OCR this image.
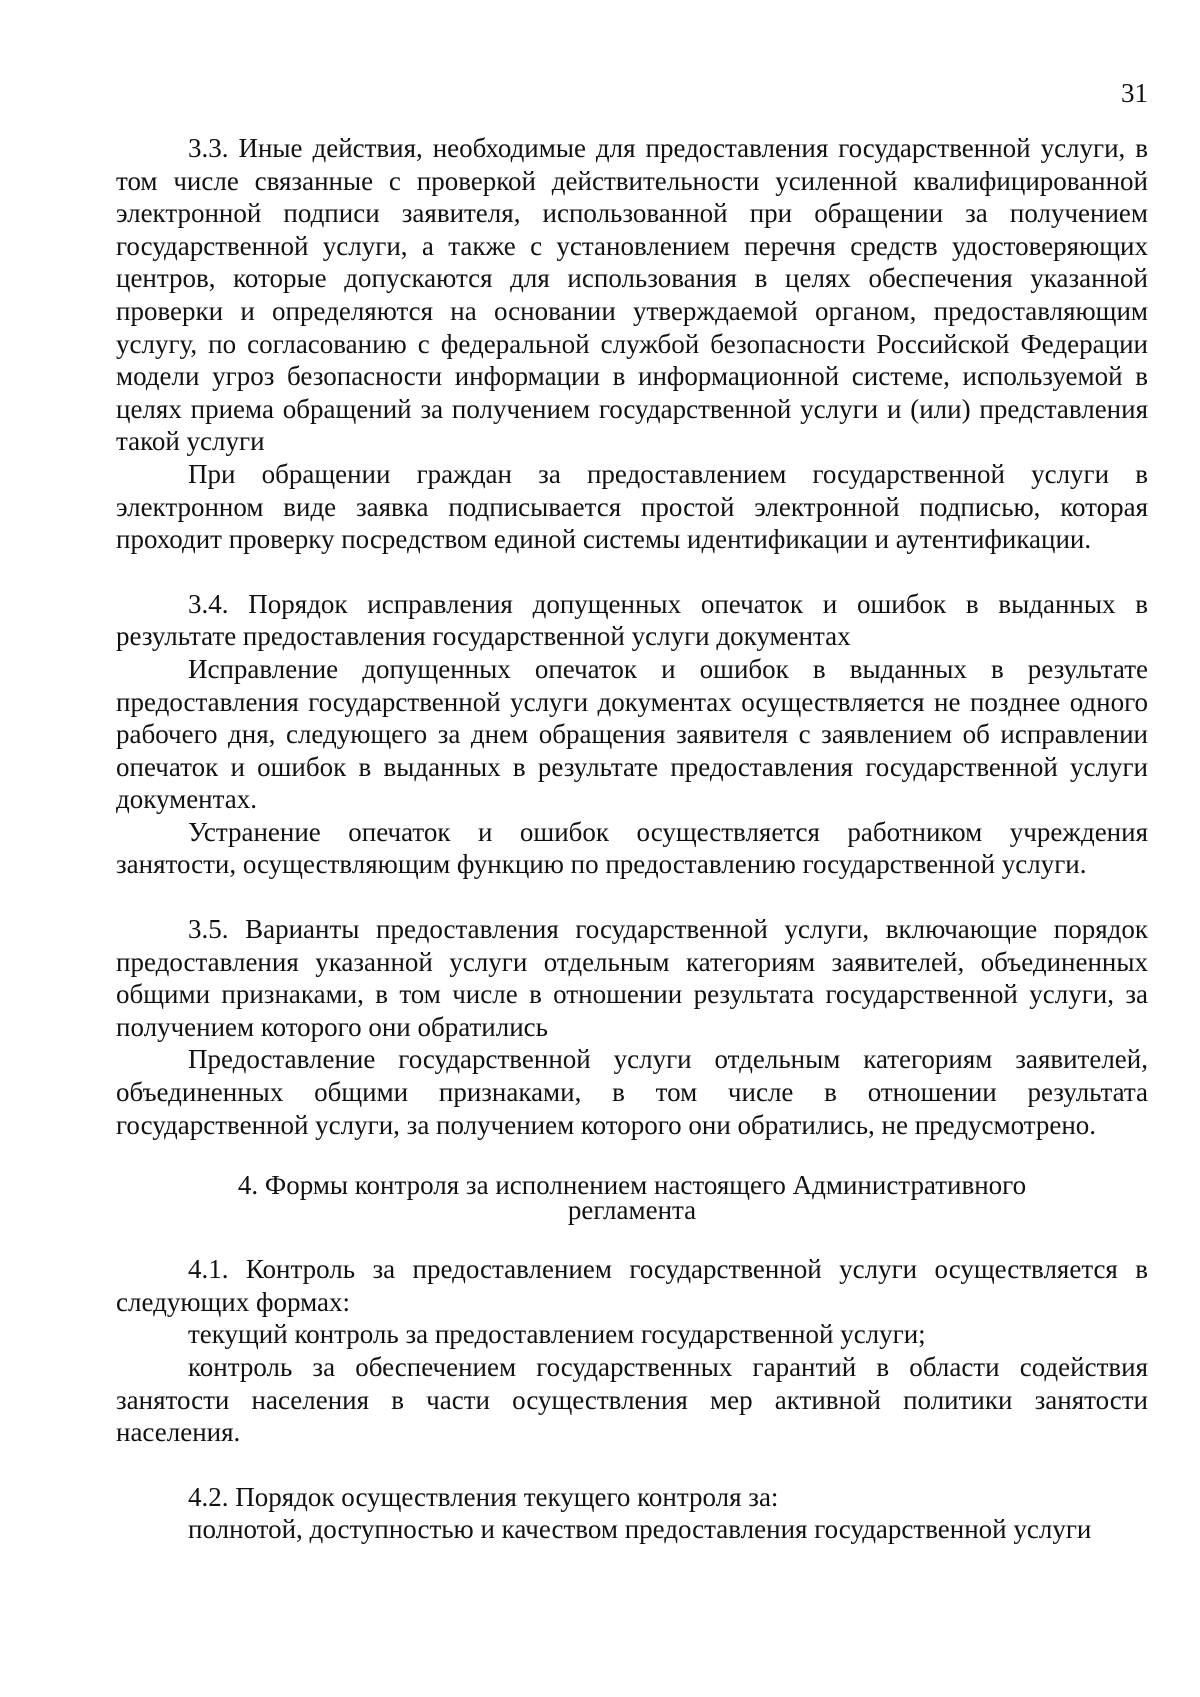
31

3.3. Иные действия, необходимые для предоставления государственной услуги, в том числе связанные с проверкой действительности усиленной квалифицированной электронной подписи заявителя, использованной при обращении за получением государственной услуги, а также с установлением перечня средств удостоверяющих центров, которые допускаются для использования в целях обеспечения указанной проверки и определяются на основании утверждаемой органом, предоставляющим услугу, по согласованию с федеральной службой безопасности Российской Федерации модели угроз безопасности информации в информационной системе, используемой в целях приема обращений за получением государственной услуги и (или) представления такой услуги

При обращении граждан за предоставлением государственной услуги в электронном виде заявка подписывается простой электронной подписью, которая проходит проверку посредством единой системы идентификации и аутентификации.

3.4. Порядок исправления допущенных опечаток и ошибок в выданных в результате предоставления государственной услуги документах

Исправление допущенных опечаток и ошибок в выданных в результате предоставления государственной услуги документах осуществляется не позднее одного рабочего дня, следующего за днем обращения заявителя с заявлением об исправлении опечаток и ошибок в выданных в результате предоставления государственной услуги документах.

Устранение опечаток и ошибок осуществляется работником учреждения занятости, осуществляющим функцию по предоставлению государственной услуги.

3.5. Варианты предоставления государственной услуги, включающие порядок предоставления указанной услуги отдельным категориям заявителей, объединенных общими признаками, в том числе в отношении результата государственной услуги, за получением которого они обратились

Предоставление государственной услуги отдельным категориям заявителей, объединенных общими признаками, в том числе в отношении результата государственной услуги, за получением которого они обратились, не предусмотрено.

4. Формы контроля за исполнением настоящего Административного
регламента

4.1. Контроль за предоставлением государственной услуги осуществляется в следующих формах:

текущий контроль за предоставлением государственной услуги;

контроль за обеспечением государственных гарантий в области содействия занятости населения в части осуществления мер активной политики занятости населения.

4.2. Порядок осуществления текущего контроля за:

полнотой, доступностью и качеством предоставления государственной услуги
